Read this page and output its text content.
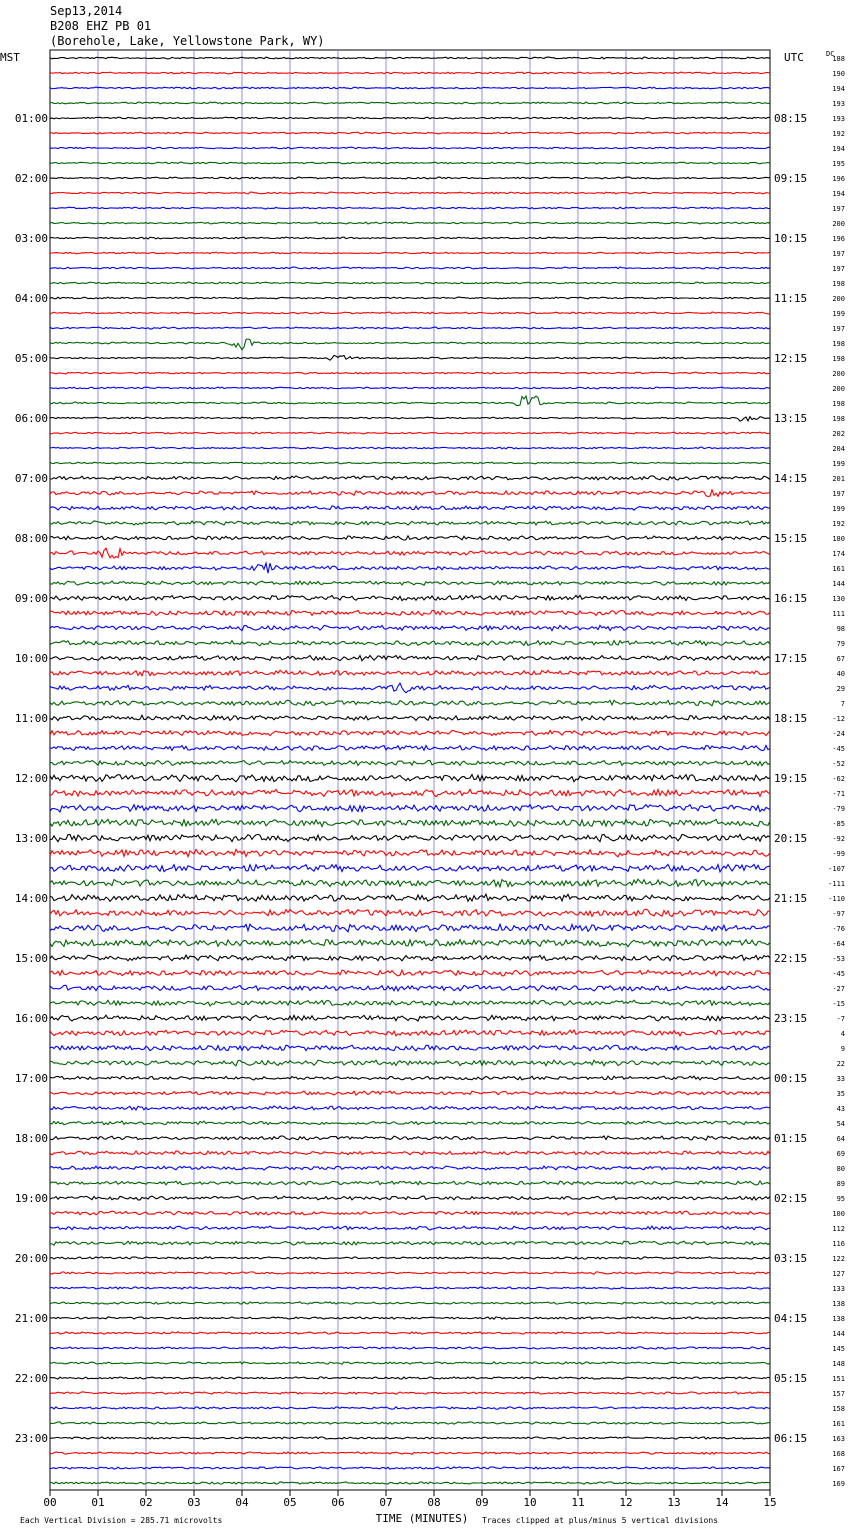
Sep13,2014
B208 EHZ PB 01
(Borehole, Lake, Yellowstone Park, WY)
MST	UTC	DC
01:00
02:00
03:00
04:00
05:00
06:00
07:00
08:00
09:00
10:00
11:00
12:00
13:00
14:00
15:00
16:00
17:00
18:00
19:00
20:00
21:00
22:00
23:00
08:15
09:15
10:15
11:15
12:15
13:15
14:15
15:15
16:15
17:15
18:15
19:15
20:15
21:15
22:15
23:15
00:15
01:15
02:15
03:15
04:15
05:15
06:15
188
190
194
193
193
192
194
195
196
194
197
200
196
197
197
198
200
199
197
198
198
200
200
198
198
202
204
199
201
197
199
192
180
174
161
144
130
111
98
79
67
40
29
7
-12
-24
-45
-52
-62
-71
-79
-85
-92
-99
-107
-111
-110
-97
-76
-64
-53
-45
-27
-15
-7
4
9
22
33
35
43
54
64
69
80
89
95
100
112
116
122
127
133
138
138
144
145
148
151
157
158
161
163
168
167
169
00	01	02	03	04	05	06	07	08	09	10	11	12	13	14	15
Each Vertical Division = 285.71 microvolts	TIME (MINUTES) Traces clipped at plus/minus 5 vertical divisions
